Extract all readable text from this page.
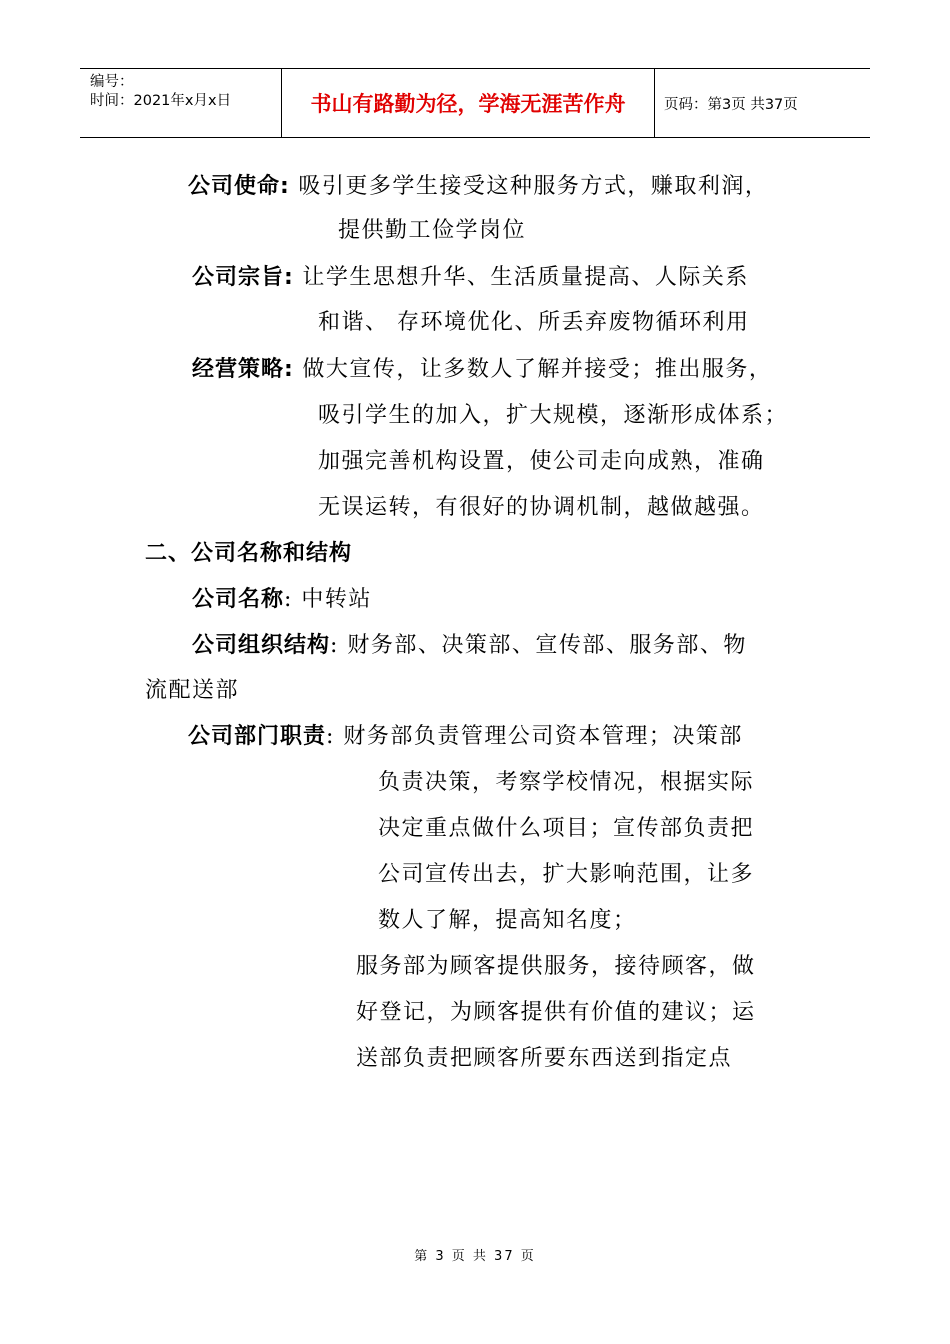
编号：
时间：2021年x月x日	书山有路勤为径，学海无涯苦作舟	页码：第3页 共37页
公司使命: 吸引更多学生接受这种服务方式，赚取利润，
提供勤工俭学岗位
公司宗旨: 让学生思想升华、生活质量提高、人际关系
和谐、 存环境优化、所丢弃废物循环利用
经营策略: 做大宣传，让多数人了解并接受；推出服务，
吸引学生的加入，扩大规模，逐渐形成体系；
加强完善机构设置，使公司走向成熟，准确
无误运转，有很好的协调机制，越做越强。
二、公司名称和结构
公司名称: 中转站
公司组织结构: 财务部、决策部、宣传部、服务部、物
流配送部
公司部门职责: 财务部负责管理公司资本管理；决策部
负责决策，考察学校情况，根据实际
决定重点做什么项目；宣传部负责把
公司宣传出去，扩大影响范围，让多
数人了解，提高知名度；
服务部为顾客提供服务，接待顾客，做
好登记，为顾客提供有价值的建议；运
送部负责把顾客所要东西送到指定点
第 3 页 共 37 页
